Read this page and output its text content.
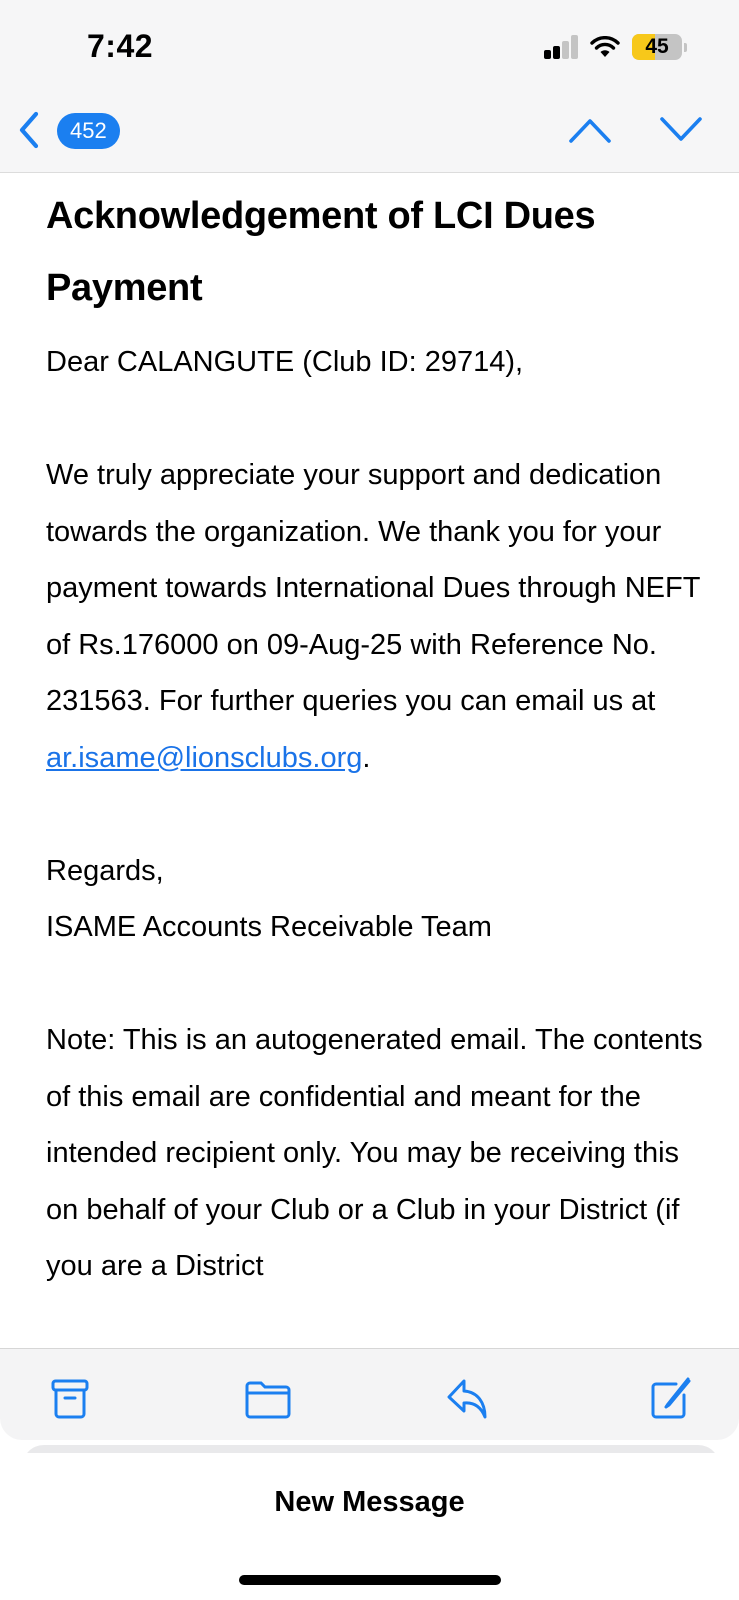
7:42	45
452
Acknowledgement of LCI Dues Payment
Dear CALANGUTE (Club ID: 29714),
We truly appreciate your support and dedication towards the organization. We thank you for your payment towards International Dues through NEFT of Rs.176000 on 09-Aug-25 with Reference No. 231563. For further queries you can email us at ar.isame@lionsclubs.org.
Regards,
ISAME Accounts Receivable Team
Note: This is an autogenerated email. The contents of this email are confidential and meant for the intended recipient only. You may be receiving this on behalf of your Club or a Club in your District (if you are a District
New Message
